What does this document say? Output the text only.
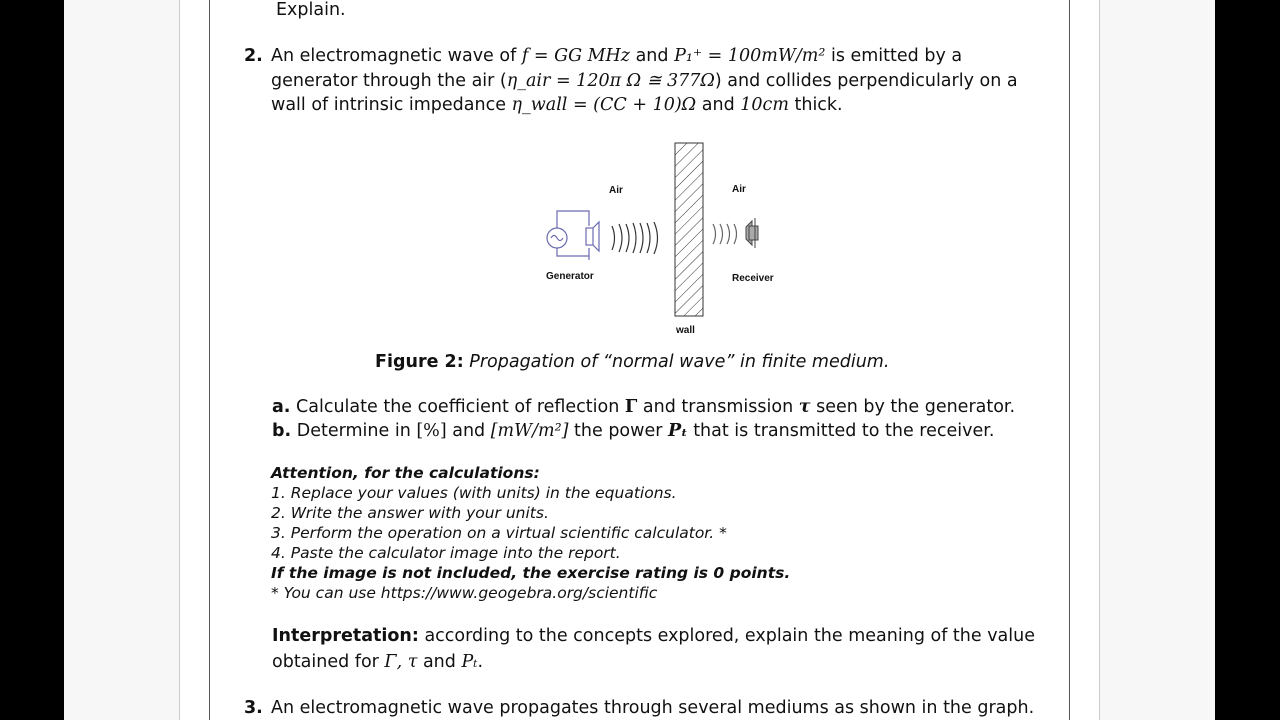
Explain.
2. An electromagnetic wave of f = GG MHz and P₁⁺ = 100mW/m² is emitted by a
generator through the air (η_air = 120π Ω ≅ 377Ω) and collides perpendicularly on a
wall of intrinsic impedance η_wall = (CC + 10)Ω and 10cm thick.
Air	Air
Generator	Receiver
wall
Figure 2: Propagation of “normal wave” in finite medium.
a. Calculate the coefficient of reflection Γ and transmission τ seen by the generator.
b. Determine in [%] and [mW/m²] the power Pₜ that is transmitted to the receiver.
Attention, for the calculations:
1. Replace your values (with units) in the equations.
2. Write the answer with your units.
3. Perform the operation on a virtual scientific calculator. *
4. Paste the calculator image into the report.
If the image is not included, the exercise rating is 0 points.
* You can use https://www.geogebra.org/scientific
Interpretation: according to the concepts explored, explain the meaning of the value
obtained for Γ, τ and Pₜ.
3. An electromagnetic wave propagates through several mediums as shown in the graph.
